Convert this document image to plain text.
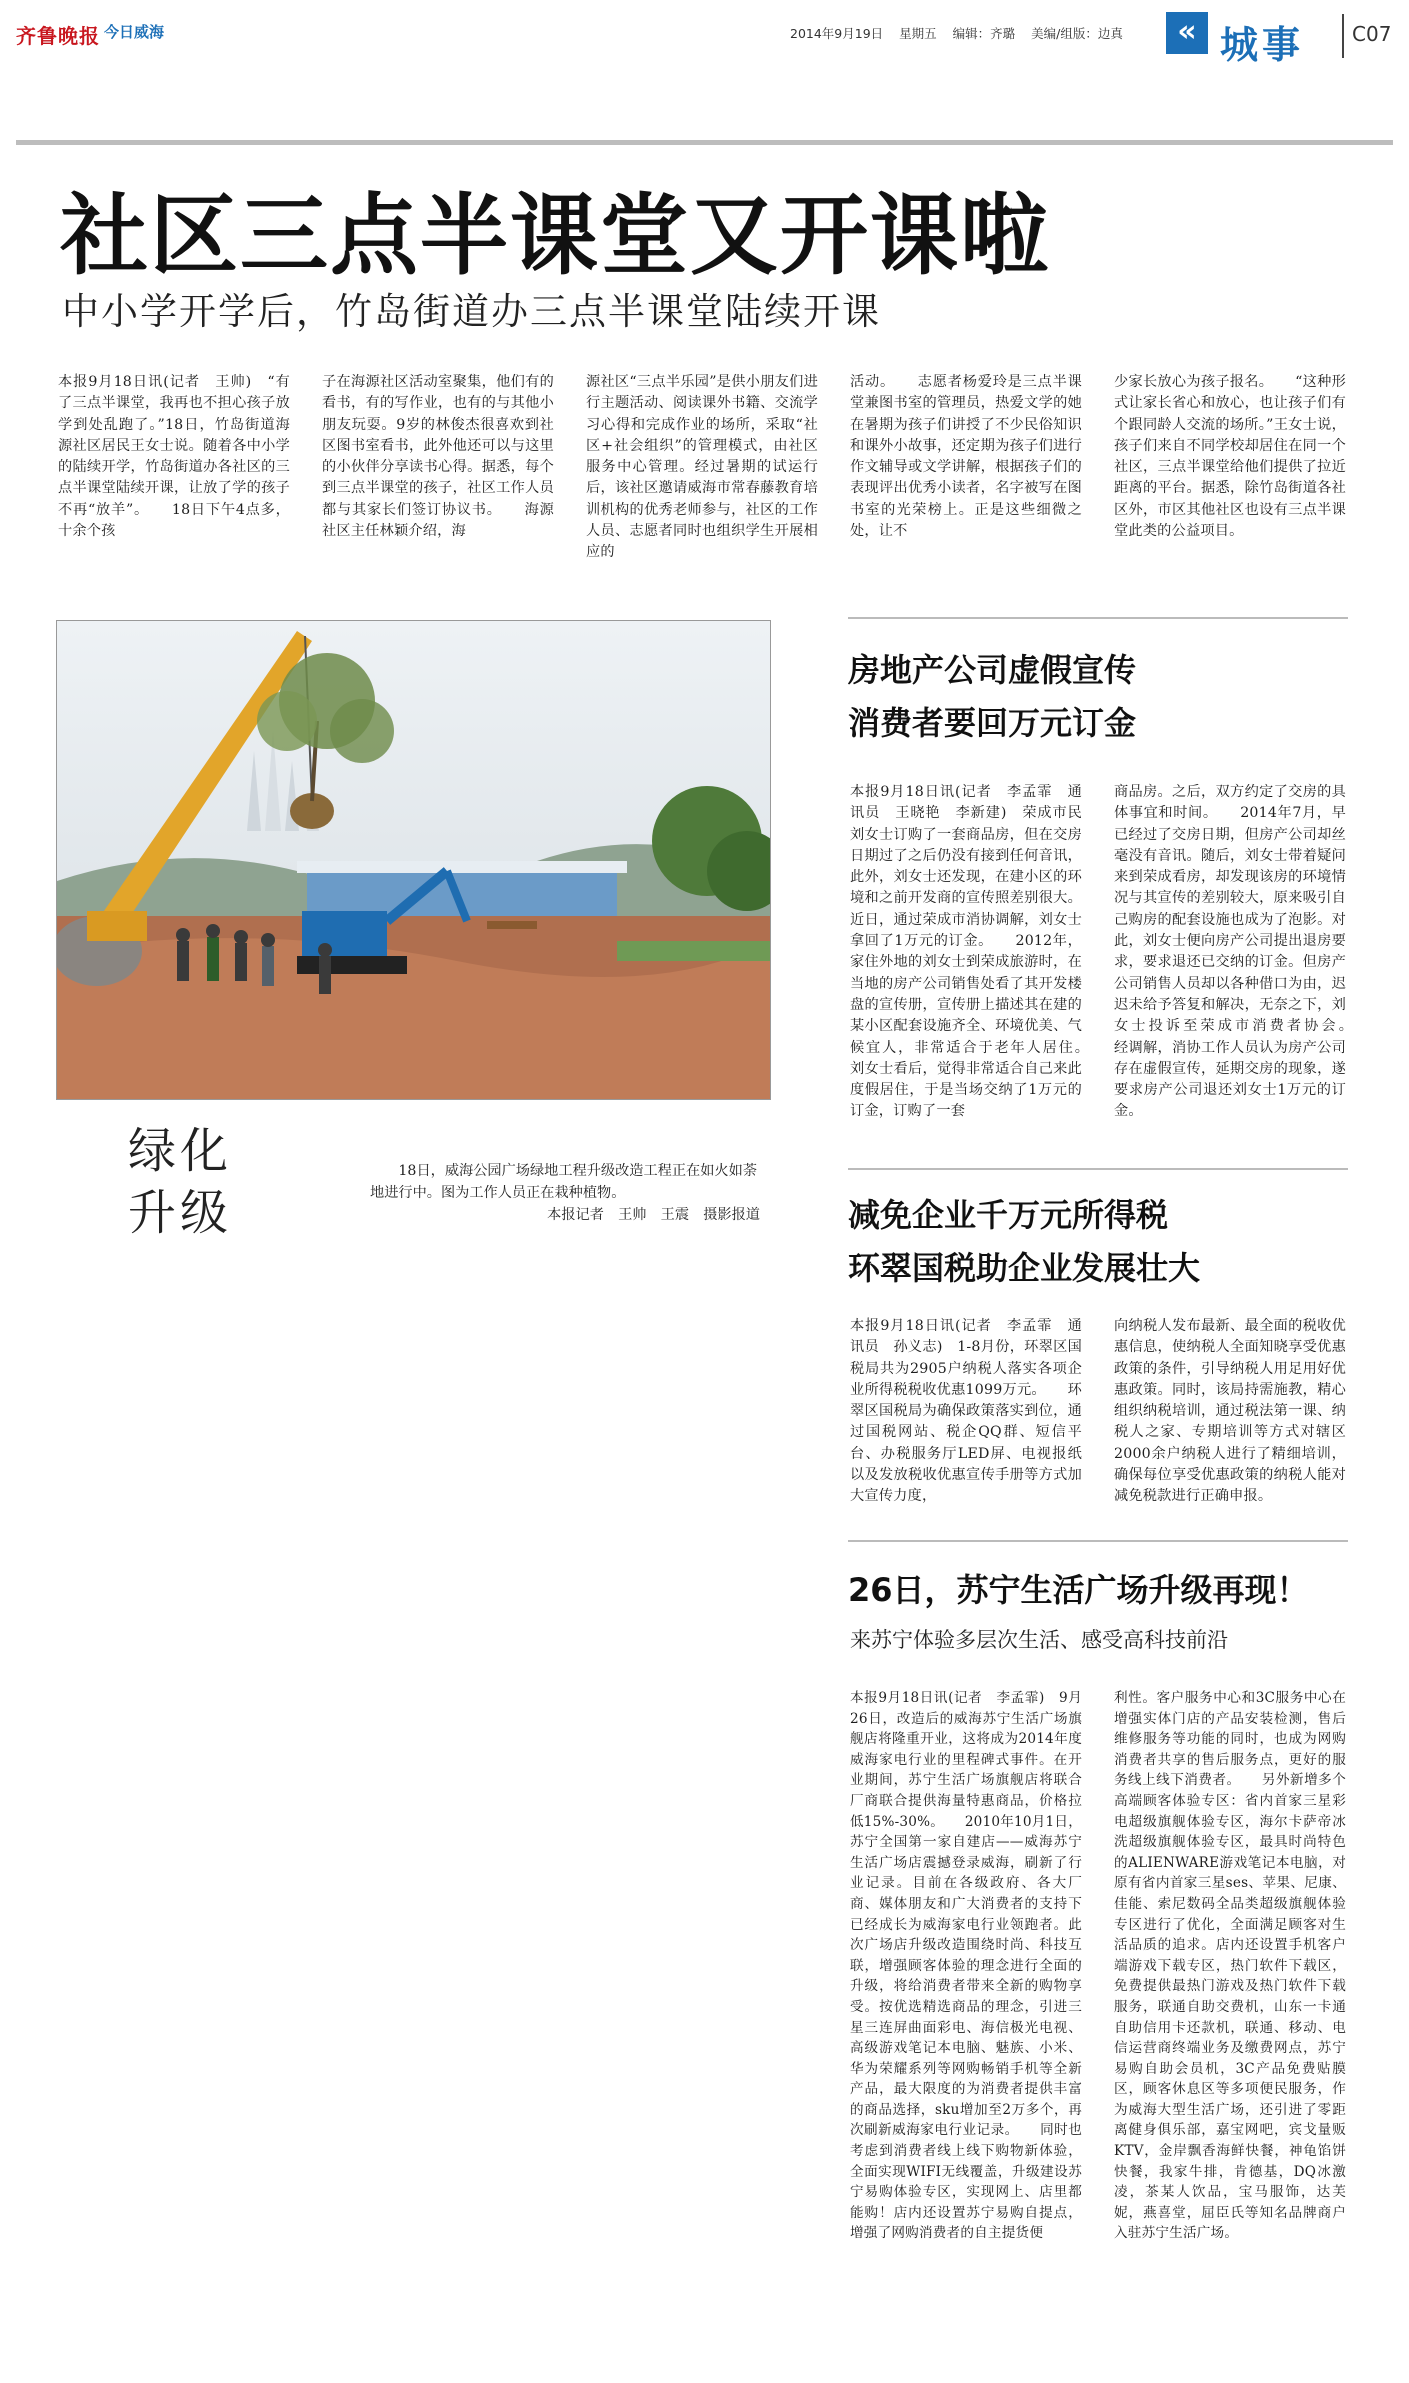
齐鲁晚报 今日威海	2014年9月19日 星期五 编辑：齐璐 美编/组版：边真	« 城事 C07
社区三点半课堂又开课啦
中小学开学后，竹岛街道办三点半课堂陆续开课

本报9月18日讯(记者　王帅)　“有了三点半课堂，我再也不担心孩子放学到处乱跑了。”18日，竹岛街道海源社区居民王女士说。随着各中小学的陆续开学，竹岛街道办各社区的三点半课堂陆续开课，让放了学的孩子不再“放羊”。　　18日下午4点多，十余个孩

子在海源社区活动室聚集，他们有的看书，有的写作业，也有的与其他小朋友玩耍。9岁的林俊杰很喜欢到社区图书室看书，此外他还可以与这里的小伙伴分享读书心得。据悉，每个到三点半课堂的孩子，社区工作人员都与其家长们签订协议书。　　海源社区主任林颖介绍，海

源社区“三点半乐园”是供小朋友们进行主题活动、阅读课外书籍、交流学习心得和完成作业的场所，采取“社区+社会组织”的管理模式，由社区服务中心管理。经过暑期的试运行后，该社区邀请威海市常春藤教育培训机构的优秀老师参与，社区的工作人员、志愿者同时也组织学生开展相应的

活动。　　志愿者杨爱玲是三点半课堂兼图书室的管理员，热爱文学的她在暑期为孩子们讲授了不少民俗知识和课外小故事，还定期为孩子们进行作文辅导或文学讲解，根据孩子们的表现评出优秀小读者，名字被写在图书室的光荣榜上。正是这些细微之处，让不

少家长放心为孩子报名。　　“这种形式让家长省心和放心，也让孩子们有个跟同龄人交流的场所。”王女士说，孩子们来自不同学校却居住在同一个社区，三点半课堂给他们提供了拉近距离的平台。据悉，除竹岛街道各社区外，市区其他社区也设有三点半课堂此类的公益项目。

绿化
升级

18日，威海公园广场绿地工程升级改造工程正在如火如荼地进行中。图为工作人员正在栽种植物。

本报记者　王帅　王震　摄影报道

房地产公司虚假宣传
消费者要回万元订金

本报9月18日讯(记者　李孟霏　通讯员　王晓艳　李新建)　荣成市民刘女士订购了一套商品房，但在交房日期过了之后仍没有接到任何音讯，此外，刘女士还发现，在建小区的环境和之前开发商的宣传照差别很大。近日，通过荣成市消协调解，刘女士拿回了1万元的订金。　　2012年，家住外地的刘女士到荣成旅游时，在当地的房产公司销售处看了其开发楼盘的宣传册，宣传册上描述其在建的某小区配套设施齐全、环境优美、气候宜人，非常适合于老年人居住。　　刘女士看后，觉得非常适合自己来此度假居住，于是当场交纳了1万元的订金，订购了一套

商品房。之后，双方约定了交房的具体事宜和时间。　　2014年7月，早已经过了交房日期，但房产公司却丝毫没有音讯。随后，刘女士带着疑问来到荣成看房，却发现该房的环境情况与其宣传的差别较大，原来吸引自己购房的配套设施也成为了泡影。对此，刘女士便向房产公司提出退房要求，要求退还已交纳的订金。但房产公司销售人员却以各种借口为由，迟迟未给予答复和解决，无奈之下，刘女士投诉至荣成市消费者协会。　　经调解，消协工作人员认为房产公司存在虚假宣传，延期交房的现象，遂要求房产公司退还刘女士1万元的订金。

减免企业千万元所得税
环翠国税助企业发展壮大

本报9月18日讯(记者　李孟霏　通讯员　孙义志)　1-8月份，环翠区国税局共为2905户纳税人落实各项企业所得税税收优惠1099万元。　　环翠区国税局为确保政策落实到位，通过国税网站、税企QQ群、短信平台、办税服务厅LED屏、电视报纸以及发放税收优惠宣传手册等方式加大宣传力度，

向纳税人发布最新、最全面的税收优惠信息，使纳税人全面知晓享受优惠政策的条件，引导纳税人用足用好优惠政策。同时，该局持需施教，精心组织纳税培训，通过税法第一课、纳税人之家、专期培训等方式对辖区2000余户纳税人进行了精细培训，确保每位享受优惠政策的纳税人能对减免税款进行正确申报。

26日，苏宁生活广场升级再现！
来苏宁体验多层次生活、感受高科技前沿

本报9月18日讯(记者　李孟霏)　9月26日，改造后的威海苏宁生活广场旗舰店将隆重开业，这将成为2014年度威海家电行业的里程碑式事件。在开业期间，苏宁生活广场旗舰店将联合厂商联合提供海量特惠商品，价格拉低15%-30%。　　2010年10月1日，苏宁全国第一家自建店——威海苏宁生活广场店震撼登录威海，刷新了行业记录。目前在各级政府、各大厂商、媒体朋友和广大消费者的支持下已经成长为威海家电行业领跑者。此次广场店升级改造围绕时尚、科技互联，增强顾客体验的理念进行全面的升级，将给消费者带来全新的购物享受。按优选精选商品的理念，引进三星三连屏曲面彩电、海信极光电视、高级游戏笔记本电脑、魅族、小米、华为荣耀系列等网购畅销手机等全新产品，最大限度的为消费者提供丰富的商品选择，sku增加至2万多个，再次刷新威海家电行业记录。　　同时也考虑到消费者线上线下购物新体验，全面实现WIFI无线覆盖，升级建设苏宁易购体验专区，实现网上、店里都能购！店内还设置苏宁易购自提点，增强了网购消费者的自主提货便

利性。客户服务中心和3C服务中心在增强实体门店的产品安装检测，售后维修服务等功能的同时，也成为网购消费者共享的售后服务点，更好的服务线上线下消费者。　　另外新增多个高端顾客体验专区：省内首家三星彩电超级旗舰体验专区，海尔卡萨帝冰洗超级旗舰体验专区，最具时尚特色的ALIENWARE游戏笔记本电脑，对原有省内首家三星ses、苹果、尼康、佳能、索尼数码全品类超级旗舰体验专区进行了优化，全面满足顾客对生活品质的追求。店内还设置手机客户端游戏下载专区，热门软件下载区，免费提供最热门游戏及热门软件下载服务，联通自助交费机，山东一卡通自助信用卡还款机，联通、移动、电信运营商终端业务及缴费网点，苏宁易购自助会员机，3C产品免费贴膜区，顾客休息区等多项便民服务，作为威海大型生活广场，还引进了零距离健身俱乐部，嘉宝网吧，宾戈量贩KTV，金岸飘香海鲜快餐，神龟馅饼快餐，我家牛排，肯德基，DQ冰激凌，茶某人饮品，宝马服饰，达芙妮，燕喜堂，屈臣氏等知名品牌商户入驻苏宁生活广场。
